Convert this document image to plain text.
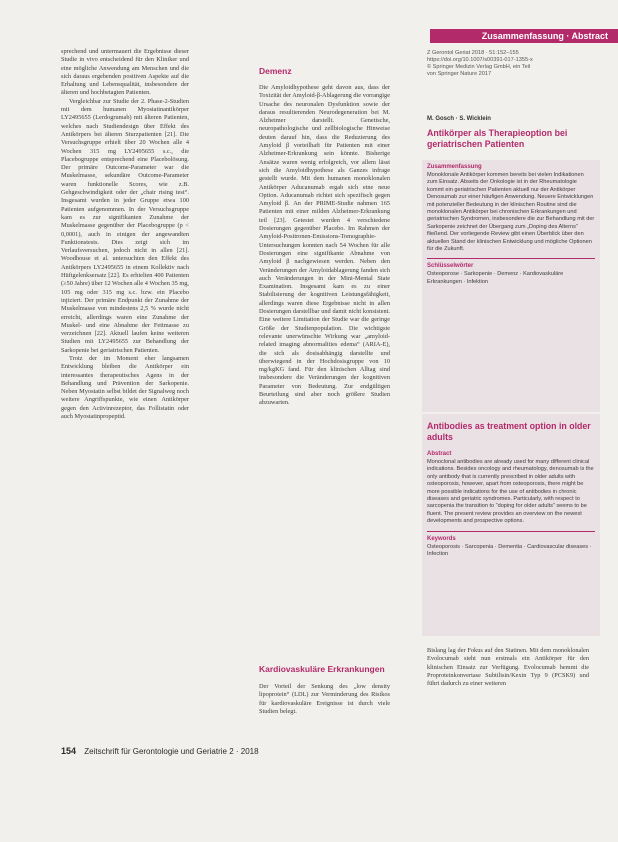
Zusammenfassung · Abstract

sprechend und untermauert die Ergebnisse dieser Studie in vivo entscheidend für den Kliniker und eine mögliche Anwendung am Menschen und die sich daraus ergebenden positiven Aspekte auf die Erhaltung und Lebensqualität, insbesondere der älteren und hochbetagten Patienten.

Vergleichbar zur Studie der 2. Phase-2-Studien mit dem humanen Myostatinantikörper LY2495655 (Lerdogrumab) mit älteren Patienten, welches nach Studiendesign über Effekt des Antikörpers bei älteren Sturzpatienten [21]. Die Versuchsgruppe erhielt über 20 Wochen alle 4 Wochen 315 mg LY2495655 s.c., die Placebogruppe entsprechend eine Placebolösung. Der primäre Outcome-Parameter war die Muskelmasse, sekundäre Outcome-Parameter waren funktionelle Scores, wie z.B. Gehgeschwindigkeit oder der „chair rising test“. Insgesamt wurden in jeder Gruppe etwa 100 Patienten aufgenommen. In der Versuchsgruppe kam es zur signifikanten Zunahme der Muskelmasse gegenüber der Placebogruppe (p < 0,0001), auch in einigen der angewandten Funktionstests. Dies zeigt sich im Verlaufsversuchen, jedoch nicht in allen [21]. Woodhouse et al. untersuchten den Effekt des Antikörpers LY2495655 in einem Kollektiv nach Hüftgelenksersatz [22]. Es erhielten 400 Patienten (≥50 Jahre) über 12 Wochen alle 4 Wochen 35 mg, 105 mg oder 315 mg s.c. bzw. ein Placebo injiziert. Der primäre Endpunkt der Zunahme der Muskelmasse von mindestens 2,5 % wurde nicht erreicht, allerdings waren eine Zunahme der Muskel- und eine Abnahme der Fettmasse zu verzeichnen [22]. Aktuell laufen keine weiteren Studien mit LY2495655 zur Behandlung der Sarkopenie bei geriatrischen Patienten.

Trotz der im Moment eher langsamen Entwicklung bleiben die Antikörper ein interessantes therapeutisches Agens in der Behandlung und Prävention der Sarkopenie. Neben Myostatin selbst bildet der Signalweg noch weitere Angriffspunkte, wie einen Antikörper gegen den Activinrezeptor, das Follistatin oder auch Myostatinpropeptid.

Demenz

Die Amyloidhypothese geht davon aus, dass der Toxizität der Amyloid-β-Ablagerung die vorrangige Ursache des neuronalen Dysfunktion sowie der daraus resultierenden Neurodegeneration bei M. Alzheimer darstellt. Genetische, neuropathologische und zellbiologische Hinweise deuten darauf hin, dass die Reduzierung des Amyloid β vorteilhaft für Patienten mit einer Alzheimer-Erkrankung sein könnte. Bisherige Ansätze waren wenig erfolgreich, vor allem lässt sich die Amyloidhypothese als Ganzes infrage gestellt wurde. Mit dem humanen monoklonalen Antikörper Aducanumab ergab sich eine neue Option. Aducanumab richtet sich spezifisch gegen Amyloid β. An der PRIME-Studie nahmen 165 Patienten mit einer milden Alzheimer-Erkrankung teil [23]. Getestet wurden 4 verschiedene Dosierungen gegenüber Placebo. Im Rahmen der Amyloid-Positronen-Emissions-Tomographie-Untersuchungen konnten nach 54 Wochen für alle Dosierungen eine signifikante Abnahme von Amyloid β nachgewiesen werden. Neben den Veränderungen der Amyloidablagerung fanden sich auch Veränderungen in der Mini-Mental State Examination. Insgesamt kam es zu einer Stabilisierung der kognitiven Leistungsfähigkeit, allerdings waren diese Ergebnisse nicht in allen Dosierungen darstellbar und damit nicht konsistent. Eine weitere Limitation der Studie war die geringe Größe der Studienpopulation. Die wichtigste relevante unerwünschte Wirkung war „amyloid-related imaging abnormalities edema“ (ARIA-E), die sich als dosisabhängig darstellte und überwiegend in der Hochdosisgruppe von 10 mg/kgKG fand. Für den klinischen Alltag sind insbesondere die Veränderungen der kognitiven Parameter von Bedeutung. Zur endgültigen Beurteilung sind aber noch größere Studien abzuwarten.

Kardiovaskuläre Erkrankungen

Der Vorteil der Senkung des „low density lipoprotein“ (LDL) zur Verminderung des Risikos für kardiovaskuläre Ereignisse ist durch viele Studien belegt.

Z Gerontol Geriat 2018 · 51:152–155
https://doi.org/10.1007/s00391-017-1355-x
© Springer Medizin Verlag GmbH, ein Teil
von Springer Nature 2017
M. Gosch · S. Wicklein
Antikörper als Therapieoption bei geriatrischen Patienten
Zusammenfassung
Monoklonale Antikörper kommen bereits bei vielen Indikationen zum Einsatz. Abseits der Onkologie ist in der Rheumatologie kommt ein geriatrischen Patienten aktuell nur der Antikörper Denosumab zur einer häufigen Anwendung. Neuere Entwicklungen mit potenzieller Bedeutung in der klinischen Routine sind die monoklonalen Antikörper bei chronischen Erkrankungen und geriatrischen Syndromen, insbesondere die zur Behandlung mit der Sarkopenie zeichnet der Übergang zum „Doping des Alterns“ fließend. Der vorliegende Review gibt einen Überblick über den aktuellen Stand der klinischen Entwicklung und mögliche Optionen für die Zukunft.
Schlüsselwörter
Osteoporose · Sarkopenie · Demenz · Kardiovaskuläre Erkrankungen · Infektion
Antibodies as treatment option in older adults
Abstract
Monoclonal antibodies are already used for many different clinical indications. Besides oncology and rheumatology, denosumab is the only antibody that is currently prescribed in older adults with osteoporosis, however, apart from osteoporosis, there might be more possible indications for the use of antibodies in chronic diseases and geriatric syndromes. Particularly, with respect to sarcopenia the transition to “doping for older adults” seems to be fluent. The present review provides an overview on the newest developments and prospective options.
Keywords
Osteoporosis · Sarcopenia · Dementia · Cardiovascular diseases · Infection

Bislang lag der Fokus auf den Statinen. Mit dem monoklonalen Evolocumab steht nun erstmals ein Antikörper für den klinischen Einsatz zur Verfügung. Evolocumab hemmt die Proproteinkonvertase Subtilisin/Kexin Typ 9 (PCSK9) und führt dadurch zu einer weiteren

154 Zeitschrift für Gerontologie und Geriatrie 2 · 2018
